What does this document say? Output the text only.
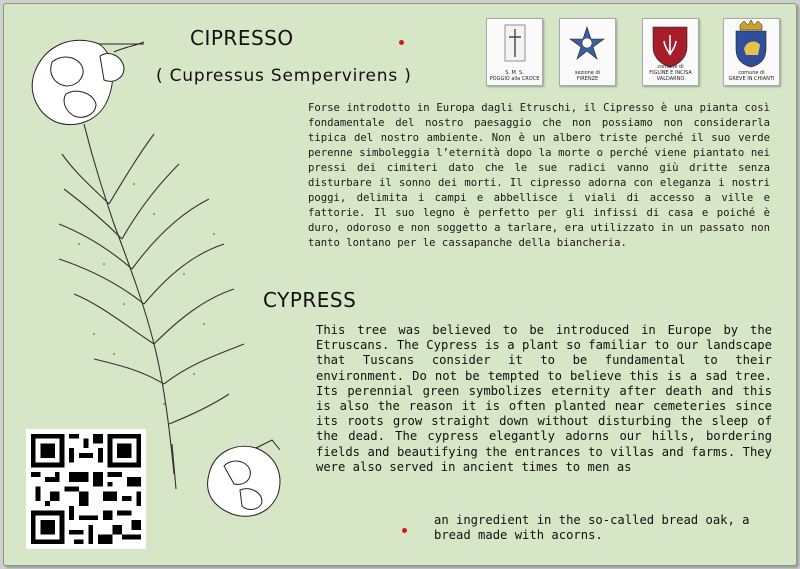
CIPRESSO
( Cupressus Sempervirens )	S. M. S.
POGGIO alla CROCE
sezione di
FIRENZE
comune di
FIGLINE E INCISA VALDARNO
comune di
GREVE IN CHIANTI

Forse introdotto in Europa dagli Etruschi, il Cipresso è una pianta così fondamentale del nostro paesaggio che non possiamo non considerarla tipica del nostro ambiente. Non è un albero triste perché il suo verde perenne simboleggia l’eternità dopo la morte o perché viene piantato nei pressi dei cimiteri dato che le sue radici vanno giù dritte senza disturbare il sonno dei morti. Il cipresso adorna con eleganza i nostri poggi, delimita i campi e abbellisce i viali di accesso a ville e fattorie. Il suo legno è perfetto per gli infissi di casa e poiché è duro, odoroso e non soggetto a tarlare, era utilizzato in un passato non tanto lontano per le cassapanche della biancheria.

CYPRESS

This tree was believed to be introduced in Europe by the Etruscans. The Cypress is a plant so familiar to our landscape that Tuscans consider it to be fundamental to their environment. Do not be tempted to believe this is a sad tree. Its perennial green symbolizes eternity after death and this is also the reason it is often planted near cemeteries since its roots grow straight down without disturbing the sleep of the dead. The cypress elegantly adorns our hills, bordering fields and beautifying the entrances to villas and farms. They were also served in ancient times to men as

an ingredient in the so-called bread oak, a bread made with acorns.
